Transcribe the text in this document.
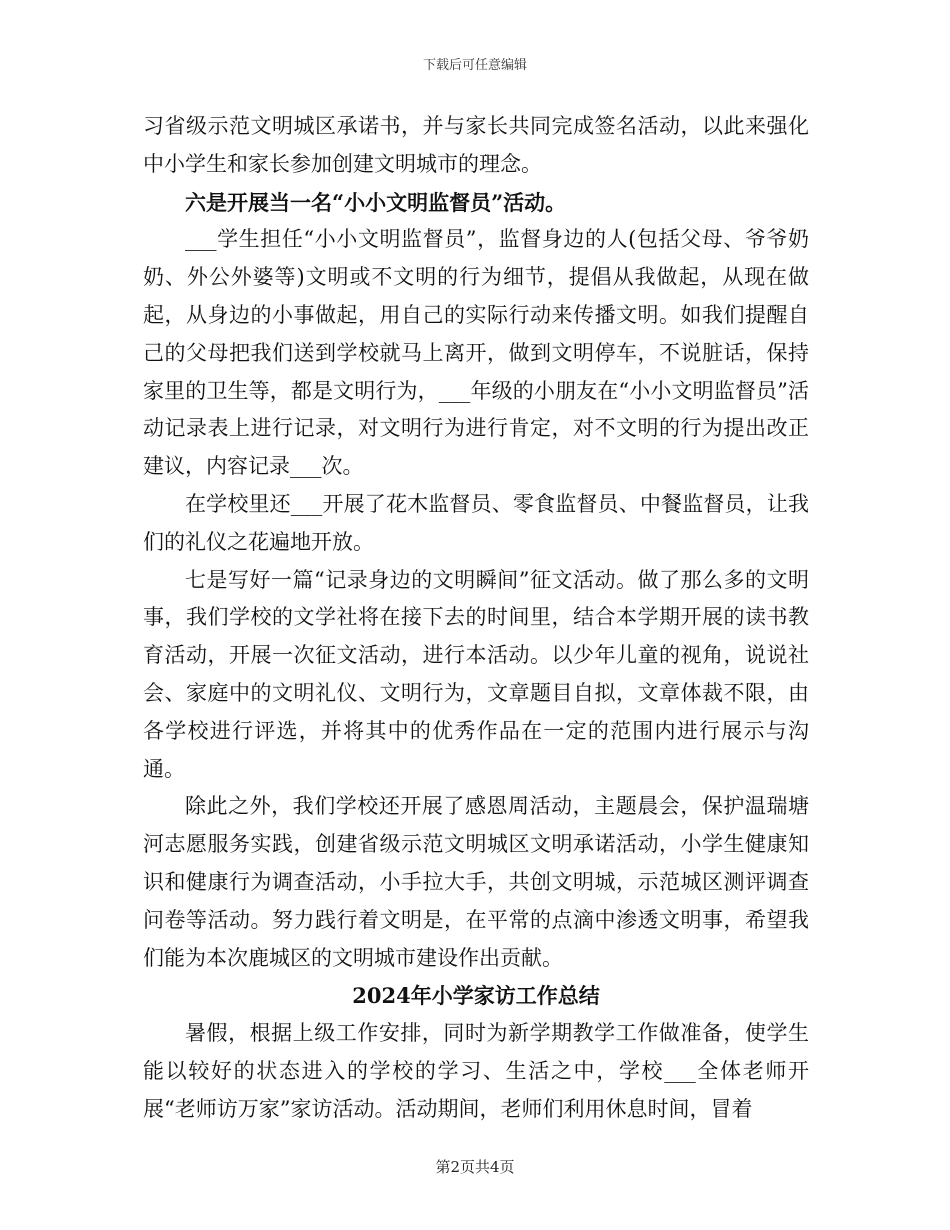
下载后可任意编辑

习省级示范文明城区承诺书，并与家长共同完成签名活动，以此来强化中小学生和家长参加创建文明城市的理念。

六是开展当一名“小小文明监督员”活动。

___学生担任“小小文明监督员”，监督身边的人(包括父母、爷爷奶奶、外公外婆等)文明或不文明的行为细节，提倡从我做起，从现在做起，从身边的小事做起，用自己的实际行动来传播文明。如我们提醒自己的父母把我们送到学校就马上离开，做到文明停车，不说脏话，保持家里的卫生等，都是文明行为，___年级的小朋友在“小小文明监督员”活动记录表上进行记录，对文明行为进行肯定，对不文明的行为提出改正建议，内容记录___次。

在学校里还___开展了花木监督员、零食监督员、中餐监督员，让我们的礼仪之花遍地开放。

七是写好一篇“记录身边的文明瞬间”征文活动。做了那么多的文明事，我们学校的文学社将在接下去的时间里，结合本学期开展的读书教育活动，开展一次征文活动，进行本活动。以少年儿童的视角，说说社会、家庭中的文明礼仪、文明行为，文章题目自拟，文章体裁不限，由各学校进行评选，并将其中的优秀作品在一定的范围内进行展示与沟通。

除此之外，我们学校还开展了感恩周活动，主题晨会，保护温瑞塘河志愿服务实践，创建省级示范文明城区文明承诺活动，小学生健康知识和健康行为调查活动，小手拉大手，共创文明城，示范城区测评调查问卷等活动。努力践行着文明是，在平常的点滴中渗透文明事，希望我们能为本次鹿城区的文明城市建设作出贡献。

2024年小学家访工作总结

暑假，根据上级工作安排，同时为新学期教学工作做准备，使学生能以较好的状态进入的学校的学习、生活之中，学校___全体老师开展“老师访万家”家访活动。活动期间，老师们利用休息时间，冒着

第2页共4页
